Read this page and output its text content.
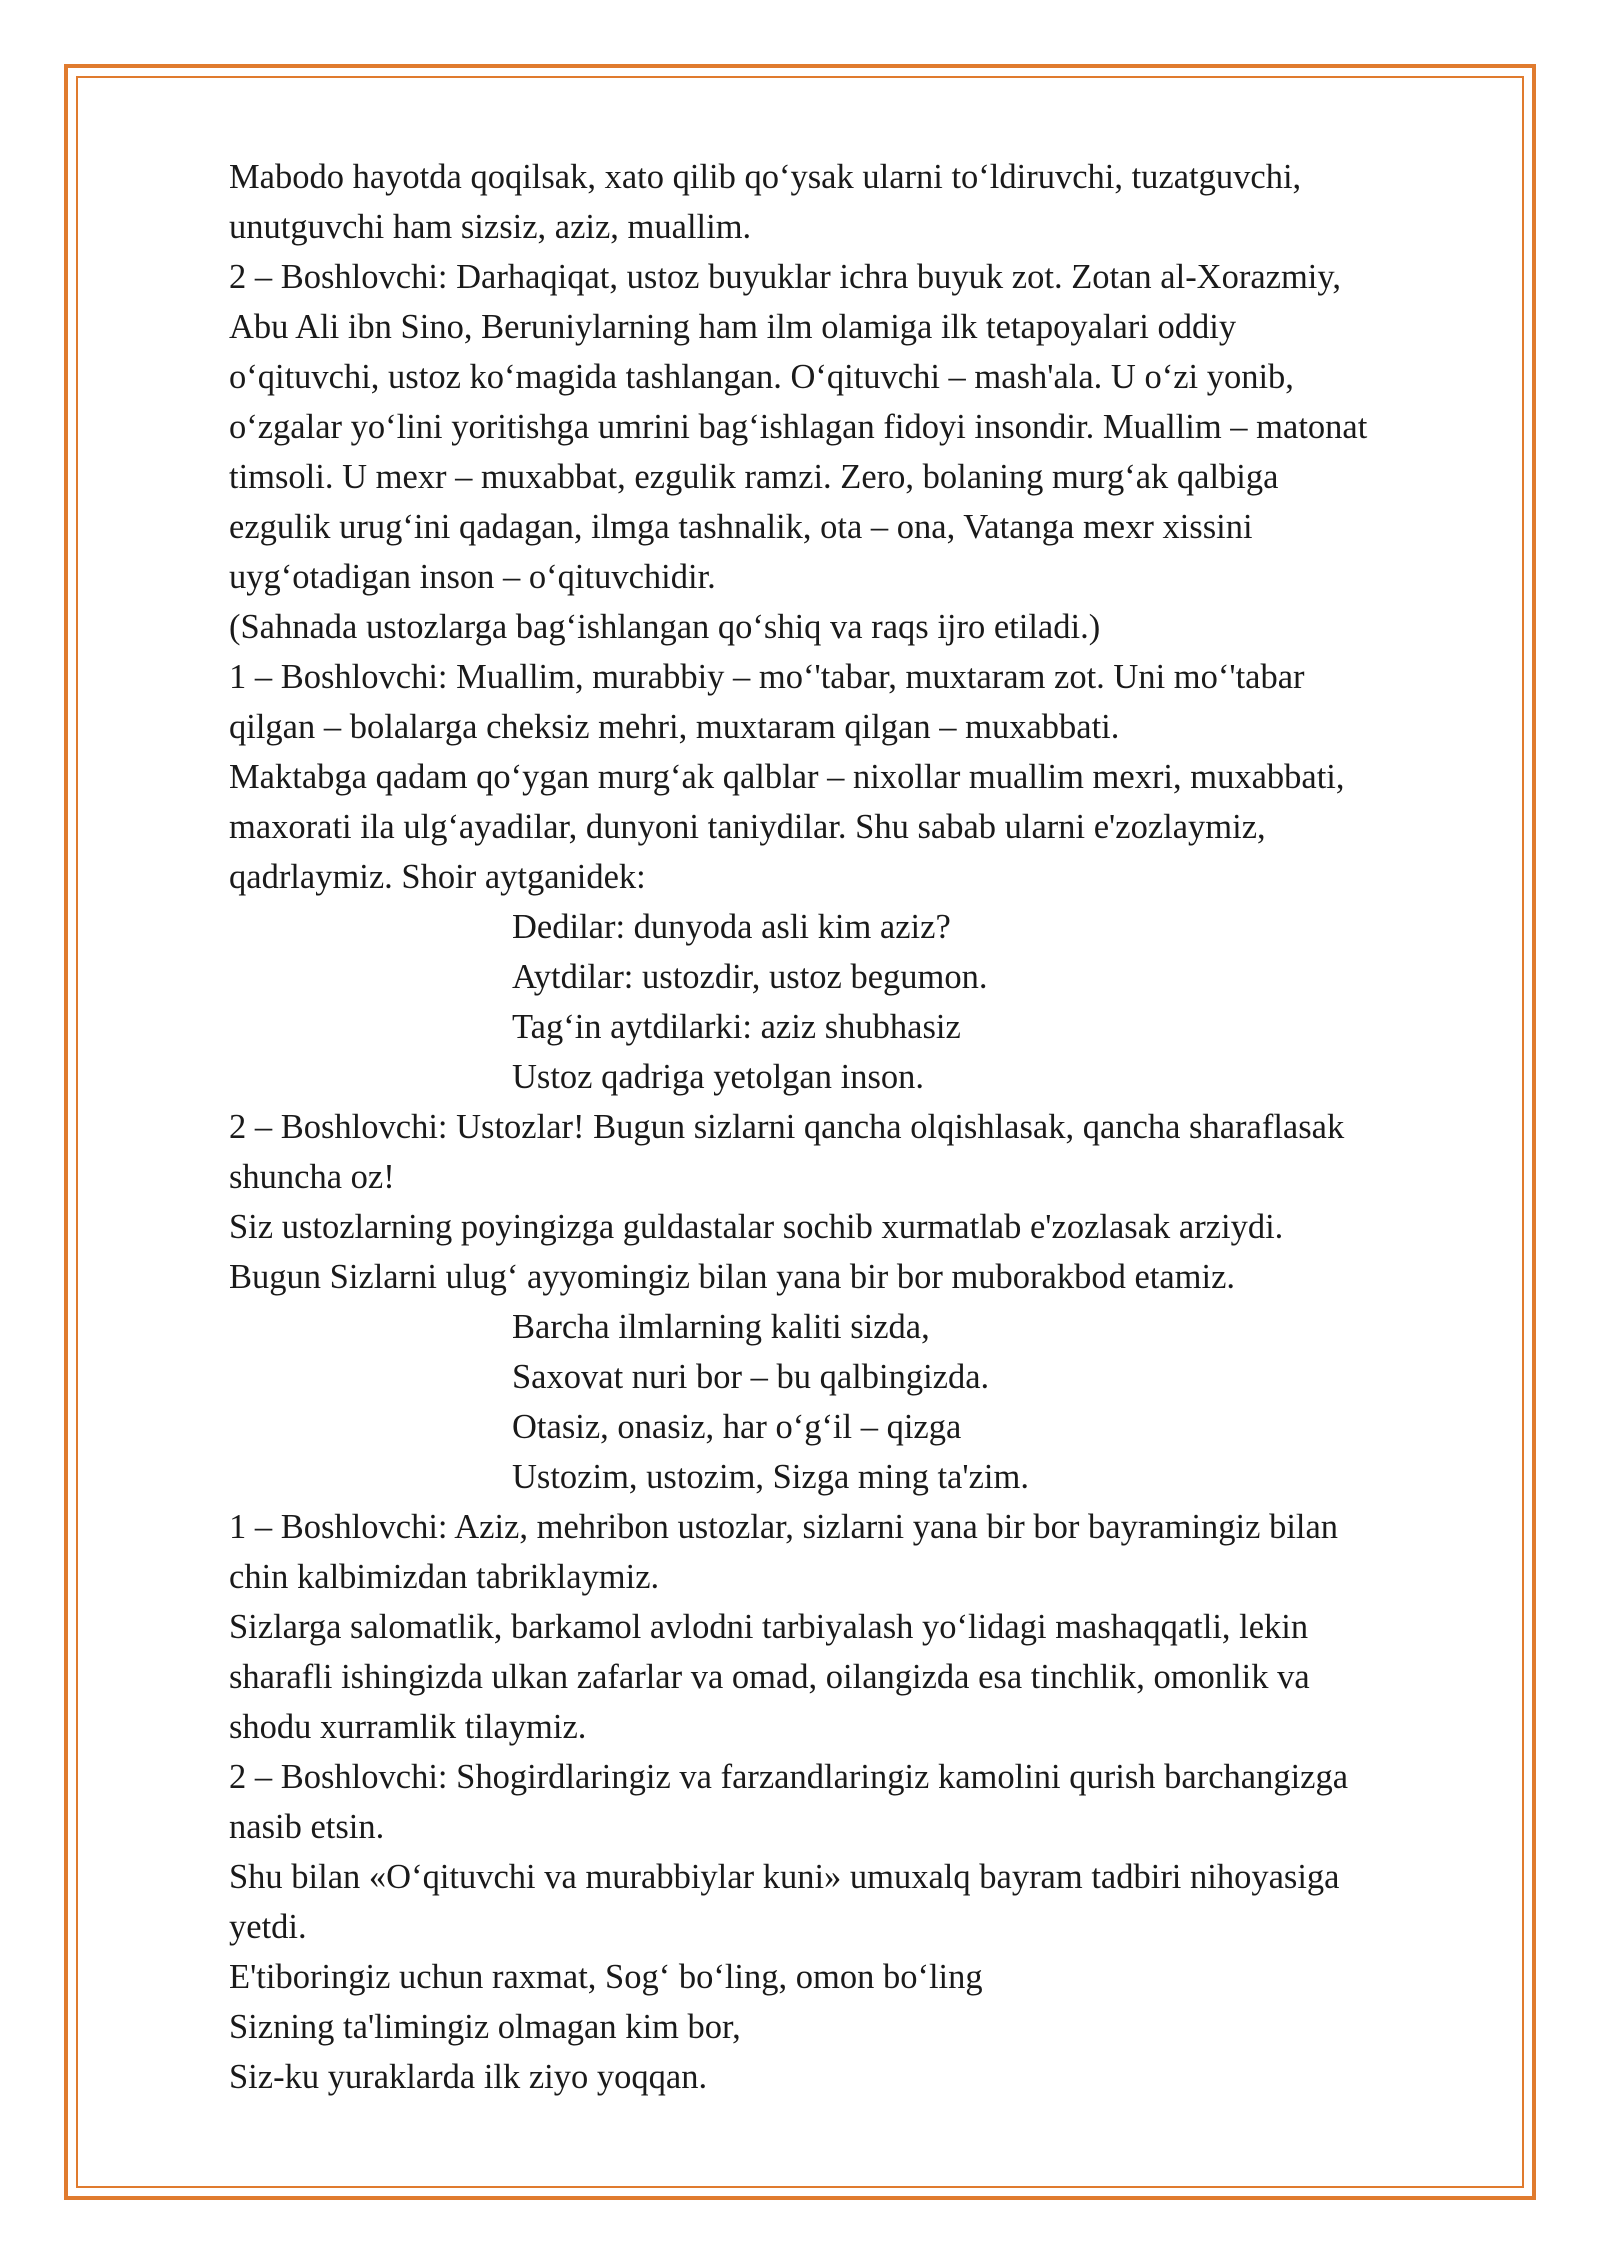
Mabodo hayotda qoqilsak, xato qilib qo‘ysak ularni to‘ldiruvchi, tuzatguvchi,
unutguvchi ham sizsiz, aziz, muallim.
2 – Boshlovchi: Darhaqiqat, ustoz buyuklar ichra buyuk zot. Zotan al-Xorazmiy,
Abu Ali ibn Sino, Beruniylarning ham ilm olamiga ilk tetapoyalari oddiy
o‘qituvchi, ustoz ko‘magida tashlangan. O‘qituvchi – mash'ala. U o‘zi yonib,
o‘zgalar yo‘lini yoritishga umrini bag‘ishlagan fidoyi insondir. Muallim – matonat
timsoli. U mexr – muxabbat, ezgulik ramzi. Zero, bolaning murg‘ak qalbiga
ezgulik urug‘ini qadagan, ilmga tashnalik, ota – ona, Vatanga mexr xissini
uyg‘otadigan inson – o‘qituvchidir.
(Sahnada ustozlarga bag‘ishlangan qo‘shiq va raqs ijro etiladi.)
1 – Boshlovchi: Muallim, murabbiy – mo‘'tabar, muxtaram zot. Uni mo‘'tabar
qilgan – bolalarga cheksiz mehri, muxtaram qilgan – muxabbati.
Maktabga qadam qo‘ygan murg‘ak qalblar – nixollar muallim mexri, muxabbati,
maxorati ila ulg‘ayadilar, dunyoni taniydilar. Shu sabab ularni e'zozlaymiz,
qadrlaymiz. Shoir aytganidek:
Dedilar: dunyoda asli kim aziz?
Aytdilar: ustozdir, ustoz begumon.
Tag‘in aytdilarki: aziz shubhasiz
Ustoz qadriga yetolgan inson.
2 – Boshlovchi: Ustozlar! Bugun sizlarni qancha olqishlasak, qancha sharaflasak
shuncha oz!
Siz ustozlarning poyingizga guldastalar sochib xurmatlab e'zozlasak arziydi.
Bugun Sizlarni ulug‘ ayyomingiz bilan yana bir bor muborakbod etamiz.
Barcha ilmlarning kaliti sizda,
Saxovat nuri bor – bu qalbingizda.
Otasiz, onasiz, har o‘g‘il – qizga
Ustozim, ustozim, Sizga ming ta'zim.
1 – Boshlovchi: Aziz, mehribon ustozlar, sizlarni yana bir bor bayramingiz bilan
chin kalbimizdan tabriklaymiz.
Sizlarga salomatlik, barkamol avlodni tarbiyalash yo‘lidagi mashaqqatli, lekin
sharafli ishingizda ulkan zafarlar va omad, oilangizda esa tinchlik, omonlik va
shodu xurramlik tilaymiz.
2 – Boshlovchi: Shogirdlaringiz va farzandlaringiz kamolini qurish barchangizga
nasib etsin.
Shu bilan «O‘qituvchi va murabbiylar kuni» umuxalq bayram tadbiri nihoyasiga
yetdi.
E'tiboringiz uchun raxmat, Sog‘ bo‘ling, omon bo‘ling
Sizning ta'limingiz olmagan kim bor,
Siz-ku yuraklarda ilk ziyo yoqqan.
